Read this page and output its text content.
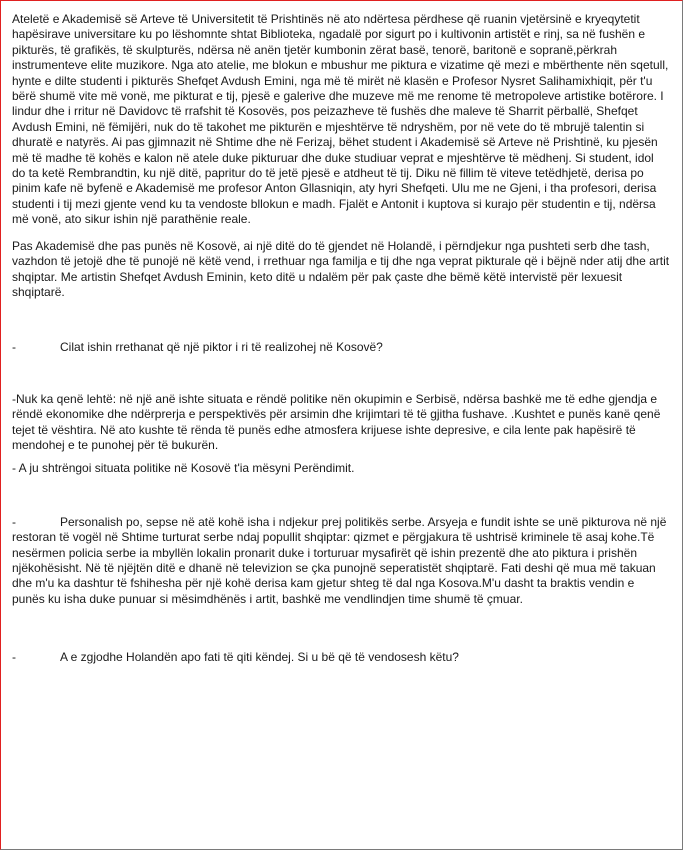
Ateletë e Akademisë së Arteve të Universitetit të Prishtinës në ato ndërtesa përdhese që ruanin vjetërsinë e kryeqytetit hapësirave universitare ku po lëshomnte shtat Biblioteka, ngadalë por sigurt po i kultivonin artistët e rinj, sa në fushën e pikturës, të grafikës, të skulpturës, ndërsa në anën tjetër kumbonin zërat basë, tenorë, baritonë e sopranë,përkrah instrumenteve elite muzikore. Nga ato atelie, me blokun e mbushur me piktura e vizatime që mezi e mbërthente nën sqetull, hynte e dilte studenti i pikturës Shefqet Avdush Emini, nga më të mirët në klasën e Profesor Nysret Salihamixhiqit, për t'u bërë shumë vite më vonë, me pikturat e tij, pjesë e galerive dhe muzeve më me renome të metropoleve artistike botërore. I lindur dhe i rritur në Davidovc të rrafshit të Kosovës, pos peizazheve të fushës dhe maleve të Sharrit përballë, Shefqet Avdush Emini, në fëmijëri, nuk do të takohet me pikturën e mjeshtërve të ndryshëm, por në vete do të mbrujë talentin si dhuratë e natyrës. Ai pas gjimnazit në Shtime dhe në Ferizaj, bëhet student i Akademisë së Arteve në Prishtinë, ku pjesën më të madhe të kohës e kalon në atele duke pikturuar dhe duke studiuar veprat e mjeshtërve të mëdhenj. Si student, idol do ta ketë Rembrandtin, ku një ditë, papritur do të jetë pjesë e atdheut të tij. Diku në fillim të viteve tetëdhjetë, derisa po pinim kafe në byfenë e Akademisë me profesor Anton Gllasniqin, aty hyri Shefqeti. Ulu me ne Gjeni, i tha profesori, derisa studenti i tij mezi gjente vend ku ta vendoste bllokun e madh. Fjalët e Antonit i kuptova si kurajo për studentin e tij, ndërsa më vonë, ato sikur ishin një parathënie reale.

Pas Akademisë dhe pas punës në Kosovë, ai një ditë do të gjendet në Holandë, i përndjekur nga pushteti serb dhe tash, vazhdon të jetojë dhe të punojë në këtë vend, i rrethuar nga familja e tij dhe nga veprat pikturale që i bëjnë nder atij dhe artit shqiptar. Me artistin Shefqet Avdush Eminin, keto ditë u ndalëm për pak çaste dhe bëmë këtë intervistë për lexuesit shqiptarë.

-	Cilat ishin rrethanat që një piktor i ri të realizohej në Kosovë?

-Nuk ka qenë lehtë: në një anë ishte situata e rëndë politike nën okupimin e Serbisë, ndërsa bashkë me të edhe gjendja e rëndë ekonomike dhe ndërprerja e perspektivës për arsimin dhe krijimtari të të gjitha fushave. .Kushtet e punës kanë qenë tejet të vështira. Në ato kushte të rënda të punës edhe atmosfera krijuese ishte depresive, e cila lente pak hapësirë të mendohej e te punohej për të bukurën.

- A ju shtrëngoi situata politike në Kosovë t'ia mësyni Perëndimit.

-	Personalish po, sepse në atë kohë isha i ndjekur prej politikës serbe. Arsyeja e fundit ishte se unë pikturova në një restoran të vogël në Shtime turturat serbe ndaj popullit shqiptar: qizmet e përgjakura të ushtrisë kriminele të asaj kohe.Të nesërmen policia serbe ia mbyllën lokalin pronarit duke i torturuar mysafirët që ishin prezentë dhe ato piktura i prishën njëkohësisht. Në të njëjtën ditë e dhanë në televizion se çka punojnë seperatistët shqiptarë. Fati deshi që mua më takuan dhe m'u ka dashtur të fshihesha për një kohë derisa kam gjetur shteg të dal nga Kosova.M'u dasht ta braktis vendin e punës ku isha duke punuar si mësimdhënës i artit, bashkë me vendlindjen time shumë të çmuar.

-	A e zgjodhe Holandën apo fati të qiti këndej. Si u bë që të vendosesh këtu?
